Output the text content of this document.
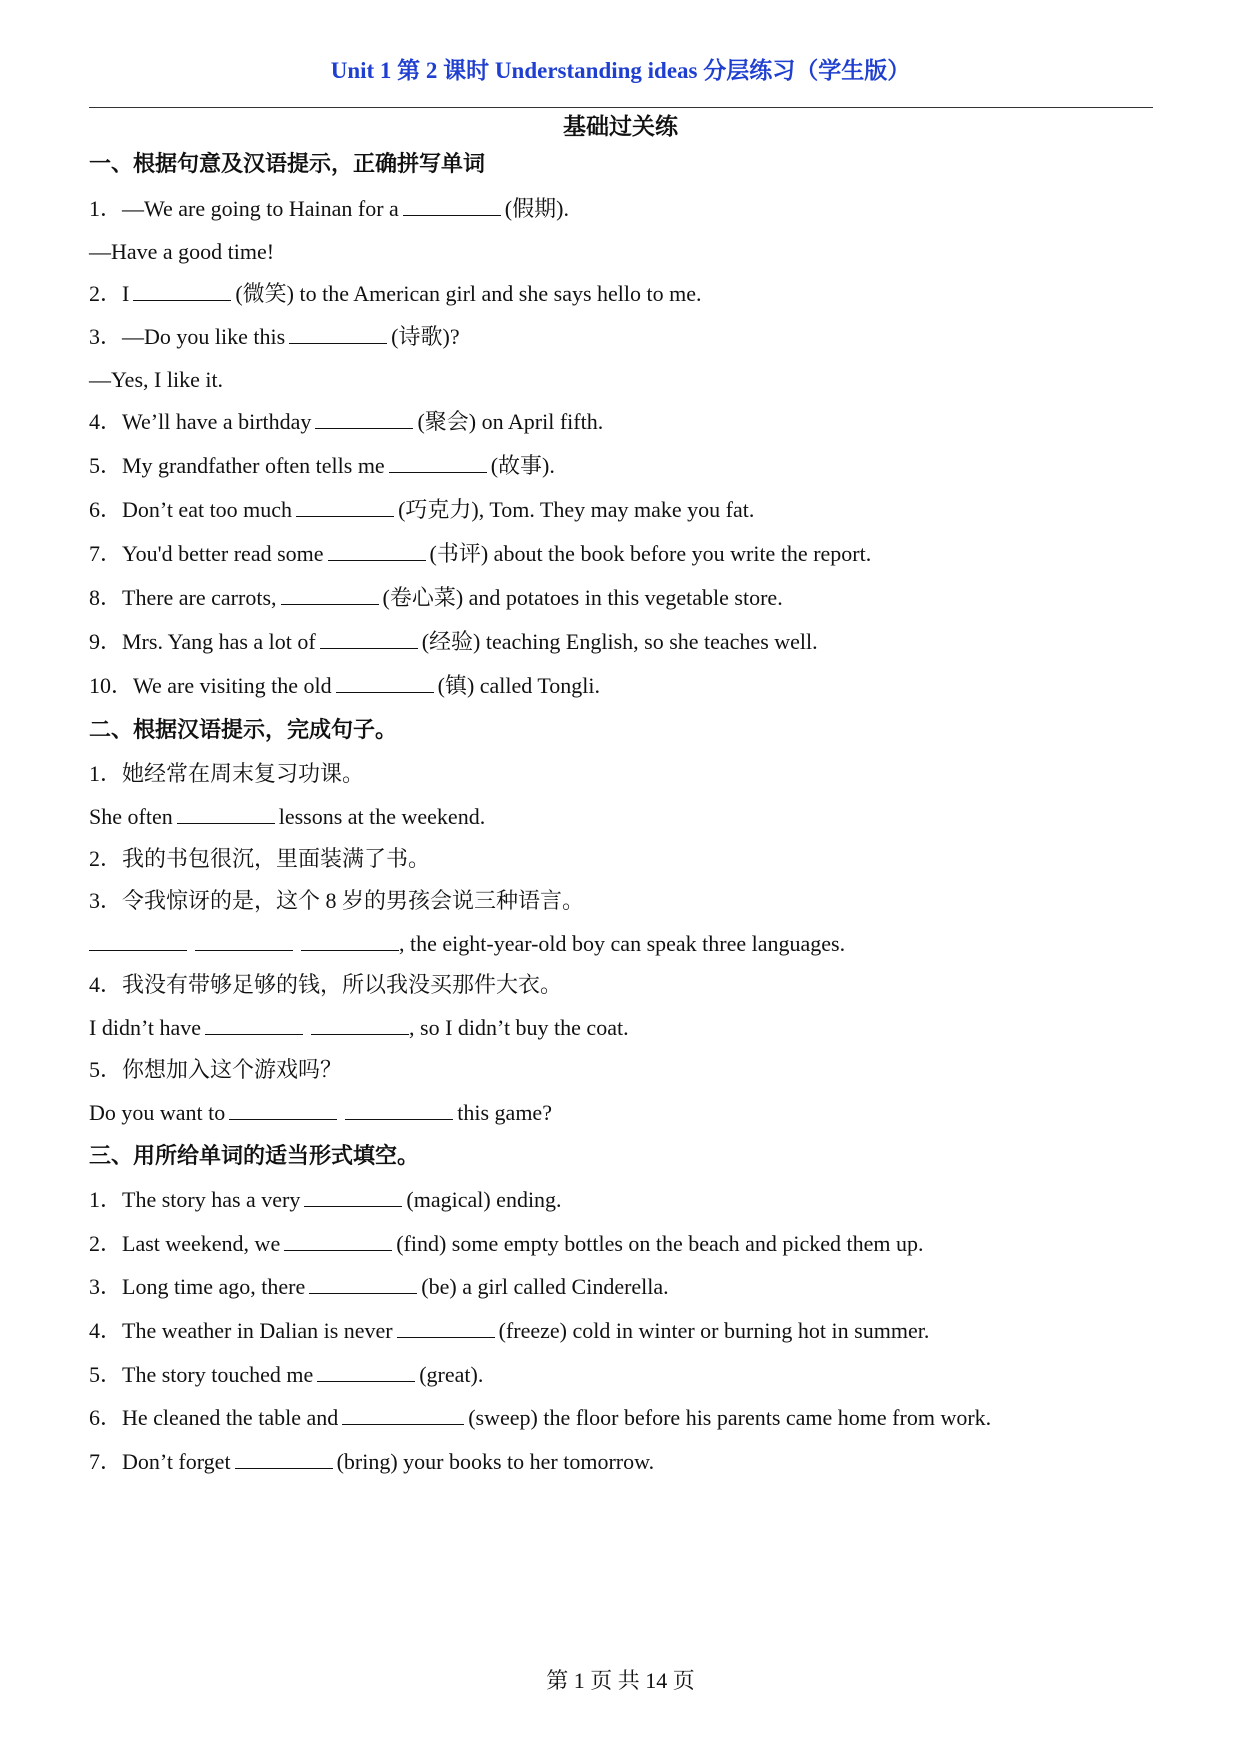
Unit 1 第 2 课时 Understanding ideas 分层练习（学生版）
基础过关练
一、根据句意及汉语提示，正确拼写单词
1．—We are going to Hainan for a	(假期).
—Have a good time!
2．I	(微笑) to the American girl and she says hello to me.
3．—Do you like this	(诗歌)?
—Yes, I like it.
4．We’ll have a birthday	(聚会) on April fifth.
5．My grandfather often tells me	(故事).
6．Don’t eat too much	(巧克力), Tom. They may make you fat.
7．You'd better read some	(书评) about the book before you write the report.
8．There are carrots,	(卷心菜) and potatoes in this vegetable store.
9．Mrs. Yang has a lot of	(经验) teaching English, so she teaches well.
10．We are visiting the old	(镇) called Tongli.
二、根据汉语提示，完成句子。
1．她经常在周末复习功课。
She often	lessons at the weekend.
2．我的书包很沉，里面装满了书。
3．令我惊讶的是，这个 8 岁的男孩会说三种语言。
, the eight-year-old boy can speak three languages.
4．我没有带够足够的钱，所以我没买那件大衣。
I didn’t have	, so I didn’t buy the coat.
5．你想加入这个游戏吗？
Do you want to	this game?
三、用所给单词的适当形式填空。
1．The story has a very	(magical) ending.
2．Last weekend, we	(find) some empty bottles on the beach and picked them up.
3．Long time ago, there	(be) a girl called Cinderella.
4．The weather in Dalian is never	(freeze) cold in winter or burning hot in summer.
5．The story touched me	(great).
6．He cleaned the table and	(sweep) the floor before his parents came home from work.
7．Don’t forget	(bring) your books to her tomorrow.
第 1 页 共 14 页
